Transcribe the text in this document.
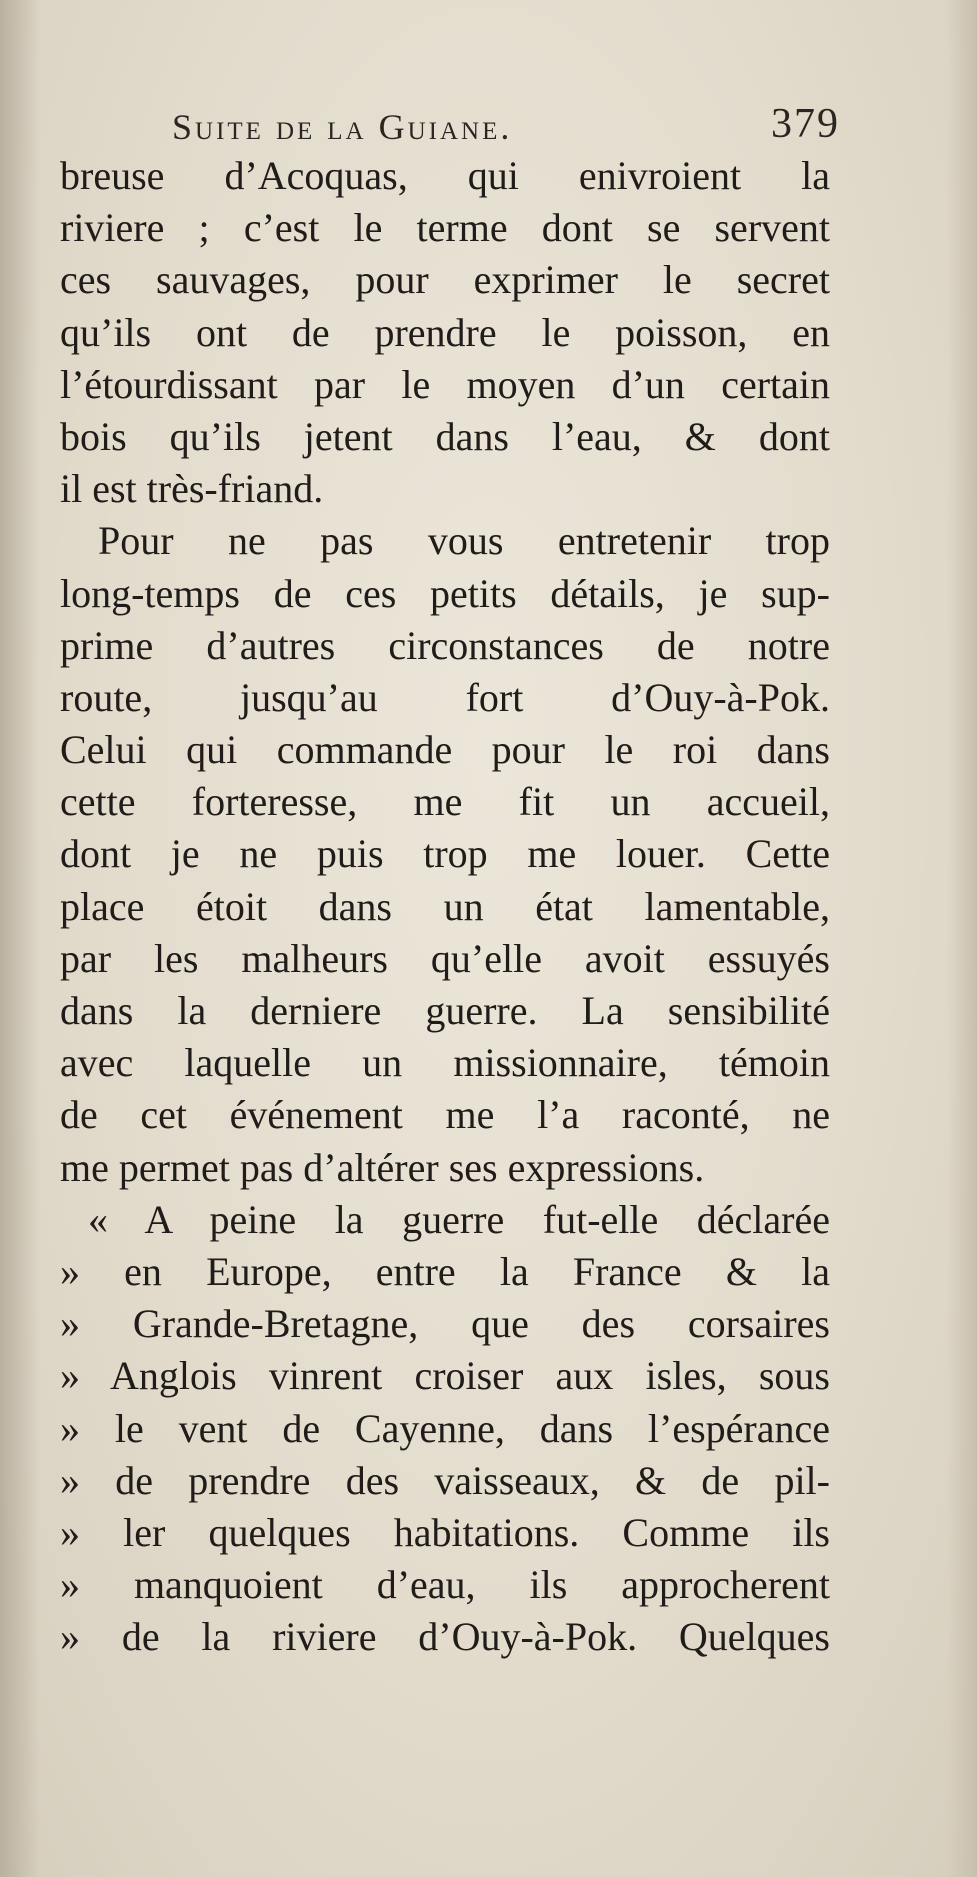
Suite de la Guiane.	379
breuse d’Acoquas, qui enivroient la
riviere ; c’est le terme dont se servent
ces sauvages, pour exprimer le secret
qu’ils ont de prendre le poisson, en
l’étourdissant par le moyen d’un certain
bois qu’ils jetent dans l’eau, & dont
il est très-friand.
Pour ne pas vous entretenir trop
long-temps de ces petits détails, je sup-
prime d’autres circonstances de notre
route, jusqu’au fort d’Ouy-à-Pok.
Celui qui commande pour le roi dans
cette forteresse, me fit un accueil,
dont je ne puis trop me louer. Cette
place étoit dans un état lamentable,
par les malheurs qu’elle avoit essuyés
dans la derniere guerre. La sensibilité
avec laquelle un missionnaire, témoin
de cet événement me l’a raconté, ne
me permet pas d’altérer ses expressions.
« A peine la guerre fut-elle déclarée
» en Europe, entre la France & la
» Grande-Bretagne, que des corsaires
» Anglois vinrent croiser aux isles, sous
» le vent de Cayenne, dans l’espérance
» de prendre des vaisseaux, & de pil-
» ler quelques habitations. Comme ils
» manquoient d’eau, ils approcherent
» de la riviere d’Ouy-à-Pok. Quelques
